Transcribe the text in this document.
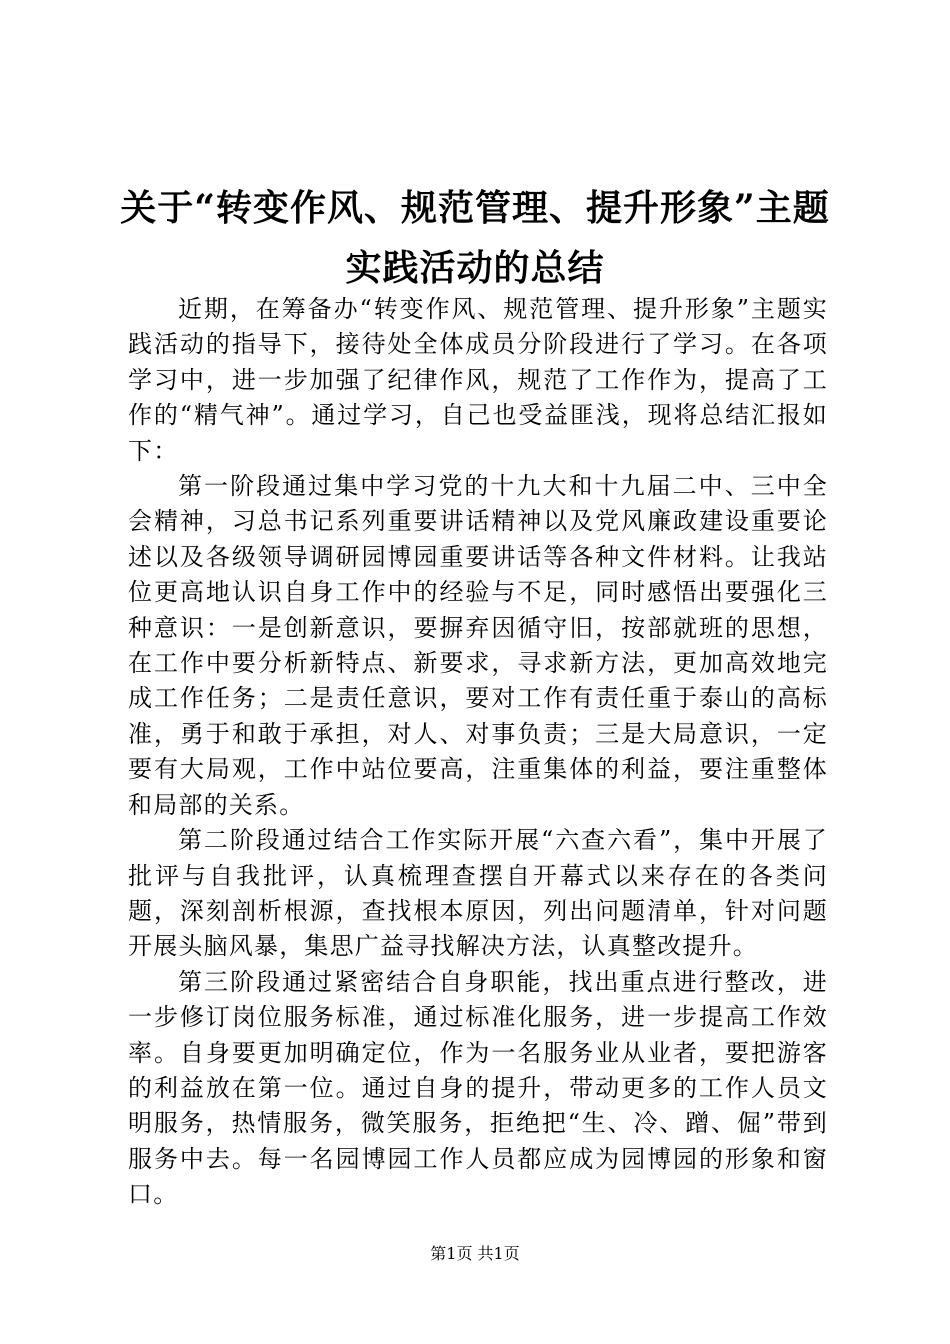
关于“转变作风、规范管理、提升形象”主题
实践活动的总结

近期，在筹备办“转变作风、规范管理、提升形象”主题实践活动的指导下，接待处全体成员分阶段进行了学习。在各项学习中，进一步加强了纪律作风，规范了工作作为，提高了工作的“精气神”。通过学习，自己也受益匪浅，现将总结汇报如下：

第一阶段通过集中学习党的十九大和十九届二中、三中全会精神，习总书记系列重要讲话精神以及党风廉政建设重要论述以及各级领导调研园博园重要讲话等各种文件材料。让我站位更高地认识自身工作中的经验与不足，同时感悟出要强化三种意识：一是创新意识，要摒弃因循守旧，按部就班的思想，在工作中要分析新特点、新要求，寻求新方法，更加高效地完成工作任务；二是责任意识，要对工作有责任重于泰山的高标准，勇于和敢于承担，对人、对事负责；三是大局意识，一定要有大局观，工作中站位要高，注重集体的利益，要注重整体和局部的关系。

第二阶段通过结合工作实际开展“六查六看”，集中开展了批评与自我批评，认真梳理查摆自开幕式以来存在的各类问题，深刻剖析根源，查找根本原因，列出问题清单，针对问题开展头脑风暴，集思广益寻找解决方法，认真整改提升。

第三阶段通过紧密结合自身职能，找出重点进行整改，进一步修订岗位服务标准，通过标准化服务，进一步提高工作效率。自身要更加明确定位，作为一名服务业从业者，要把游客的利益放在第一位。通过自身的提升，带动更多的工作人员文明服务，热情服务，微笑服务，拒绝把“生、冷、蹭、倔”带到服务中去。每一名园博园工作人员都应成为园博园的形象和窗口。

第1页 共1页
